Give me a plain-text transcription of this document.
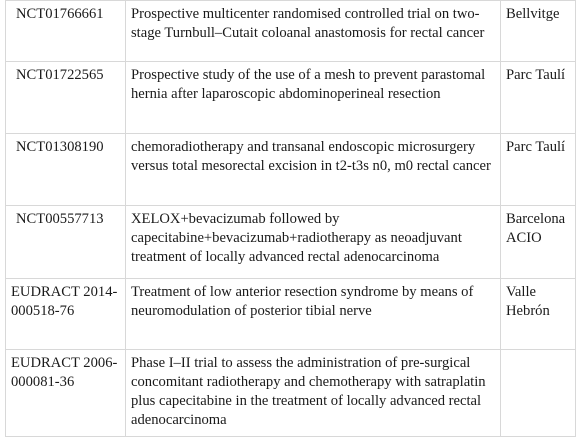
NCT01766661	Prospective multicenter randomised controlled trial on two-stage Turnbull–Cutait coloanal anastomosis for rectal cancer	Bellvitge
NCT01722565	Prospective study of the use of a mesh to prevent parastomal hernia after laparoscopic abdominoperineal resection	Parc Taulí
NCT01308190	chemoradiotherapy and transanal endoscopic microsurgery versus total mesorectal excision in t2-t3s n0, m0 rectal cancer	Parc Taulí
NCT00557713	XELOX+bevacizumab followed by capecitabine+bevacizumab+radiotherapy as neoadjuvant treatment of locally advanced rectal adenocarcinoma	Barcelona ACIO
EUDRACT 2014-000518-76	Treatment of low anterior resection syndrome by means of neuromodulation of posterior tibial nerve	Valle Hebrón
EUDRACT 2006-000081-36	Phase I–II trial to assess the administration of pre-surgical concomitant radiotherapy and chemotherapy with satraplatin plus capecitabine in the treatment of locally advanced rectal adenocarcinoma	
